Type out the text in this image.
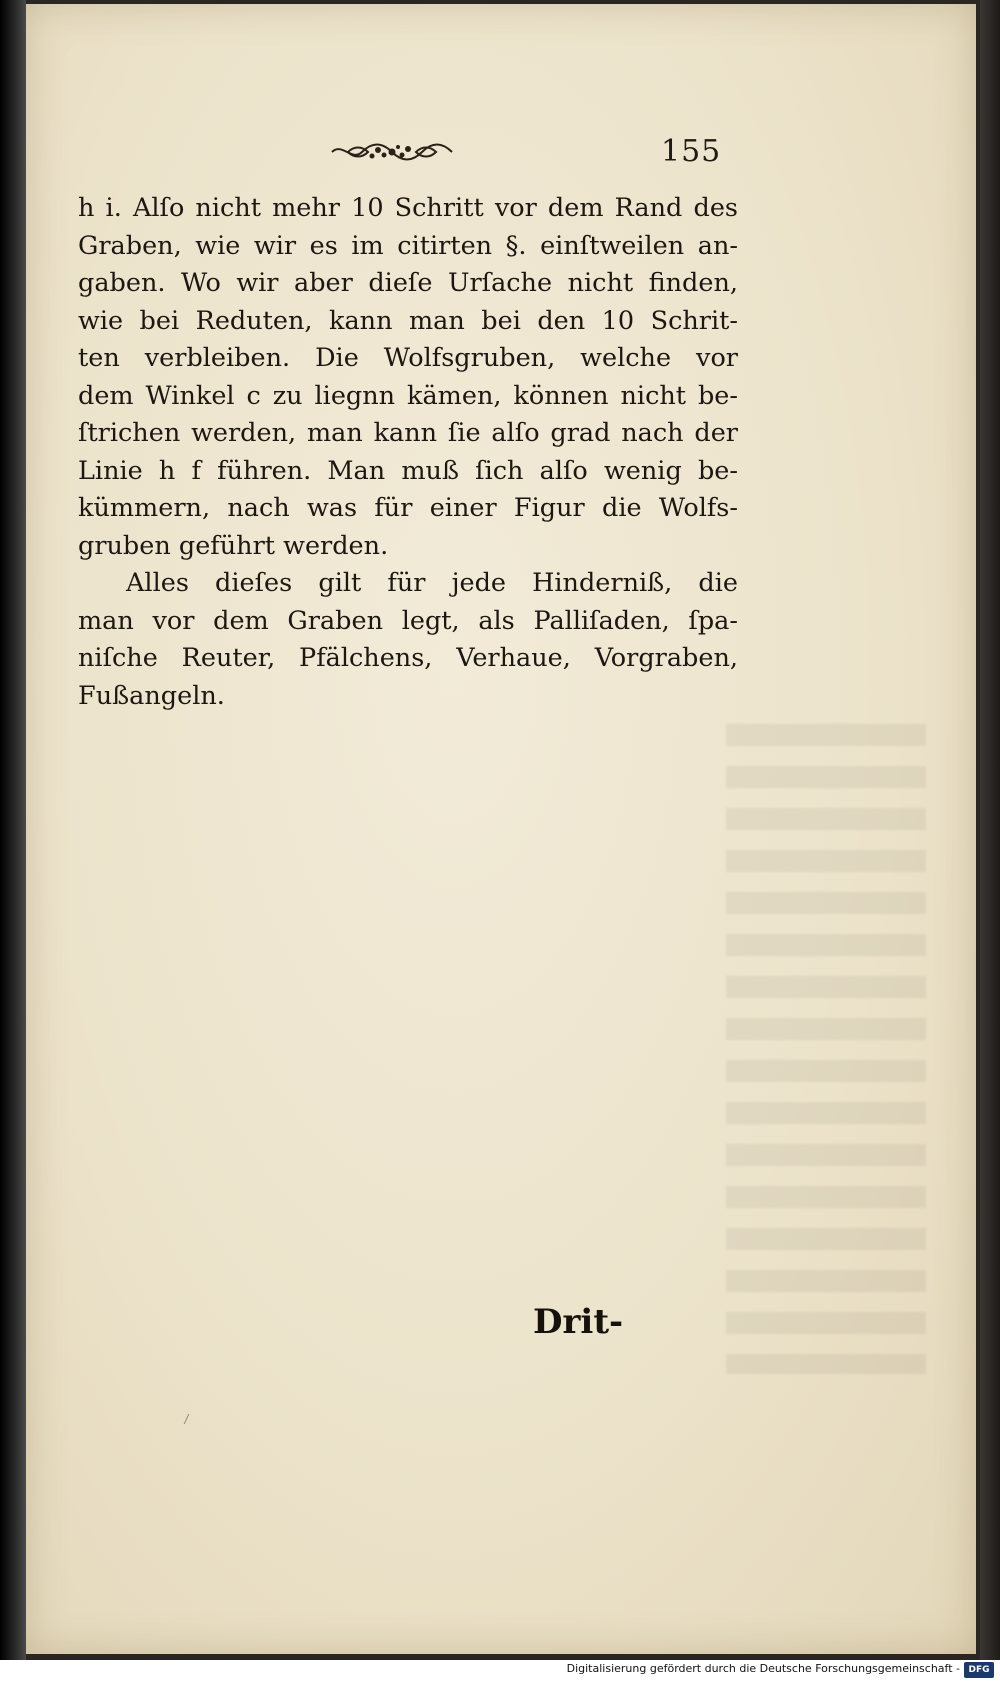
155
h i. Alſo nicht mehr 10 Schritt vor dem Rand des
Graben, wie wir es im citirten §. einſtweilen an-
gaben. Wo wir aber dieſe Urſache nicht finden,
wie bei Reduten, kann man bei den 10 Schrit-
ten verbleiben. Die Wolfsgruben, welche vor
dem Winkel c zu liegnn kämen, können nicht be-
ſtrichen werden, man kann ſie alſo grad nach der
Linie h f führen. Man muß ſich alſo wenig be-
kümmern, nach was für einer Figur die Wolfs-
gruben geführt werden.
Alles dieſes gilt für jede Hinderniß, die
man vor dem Graben legt, als Palliſaden, ſpa-
niſche Reuter, Pfälchens, Verhaue, Vorgraben,
Fußangeln.
Drit-
Digitalisierung gefördert durch die Deutsche Forschungsgemeinschaft - DFG
